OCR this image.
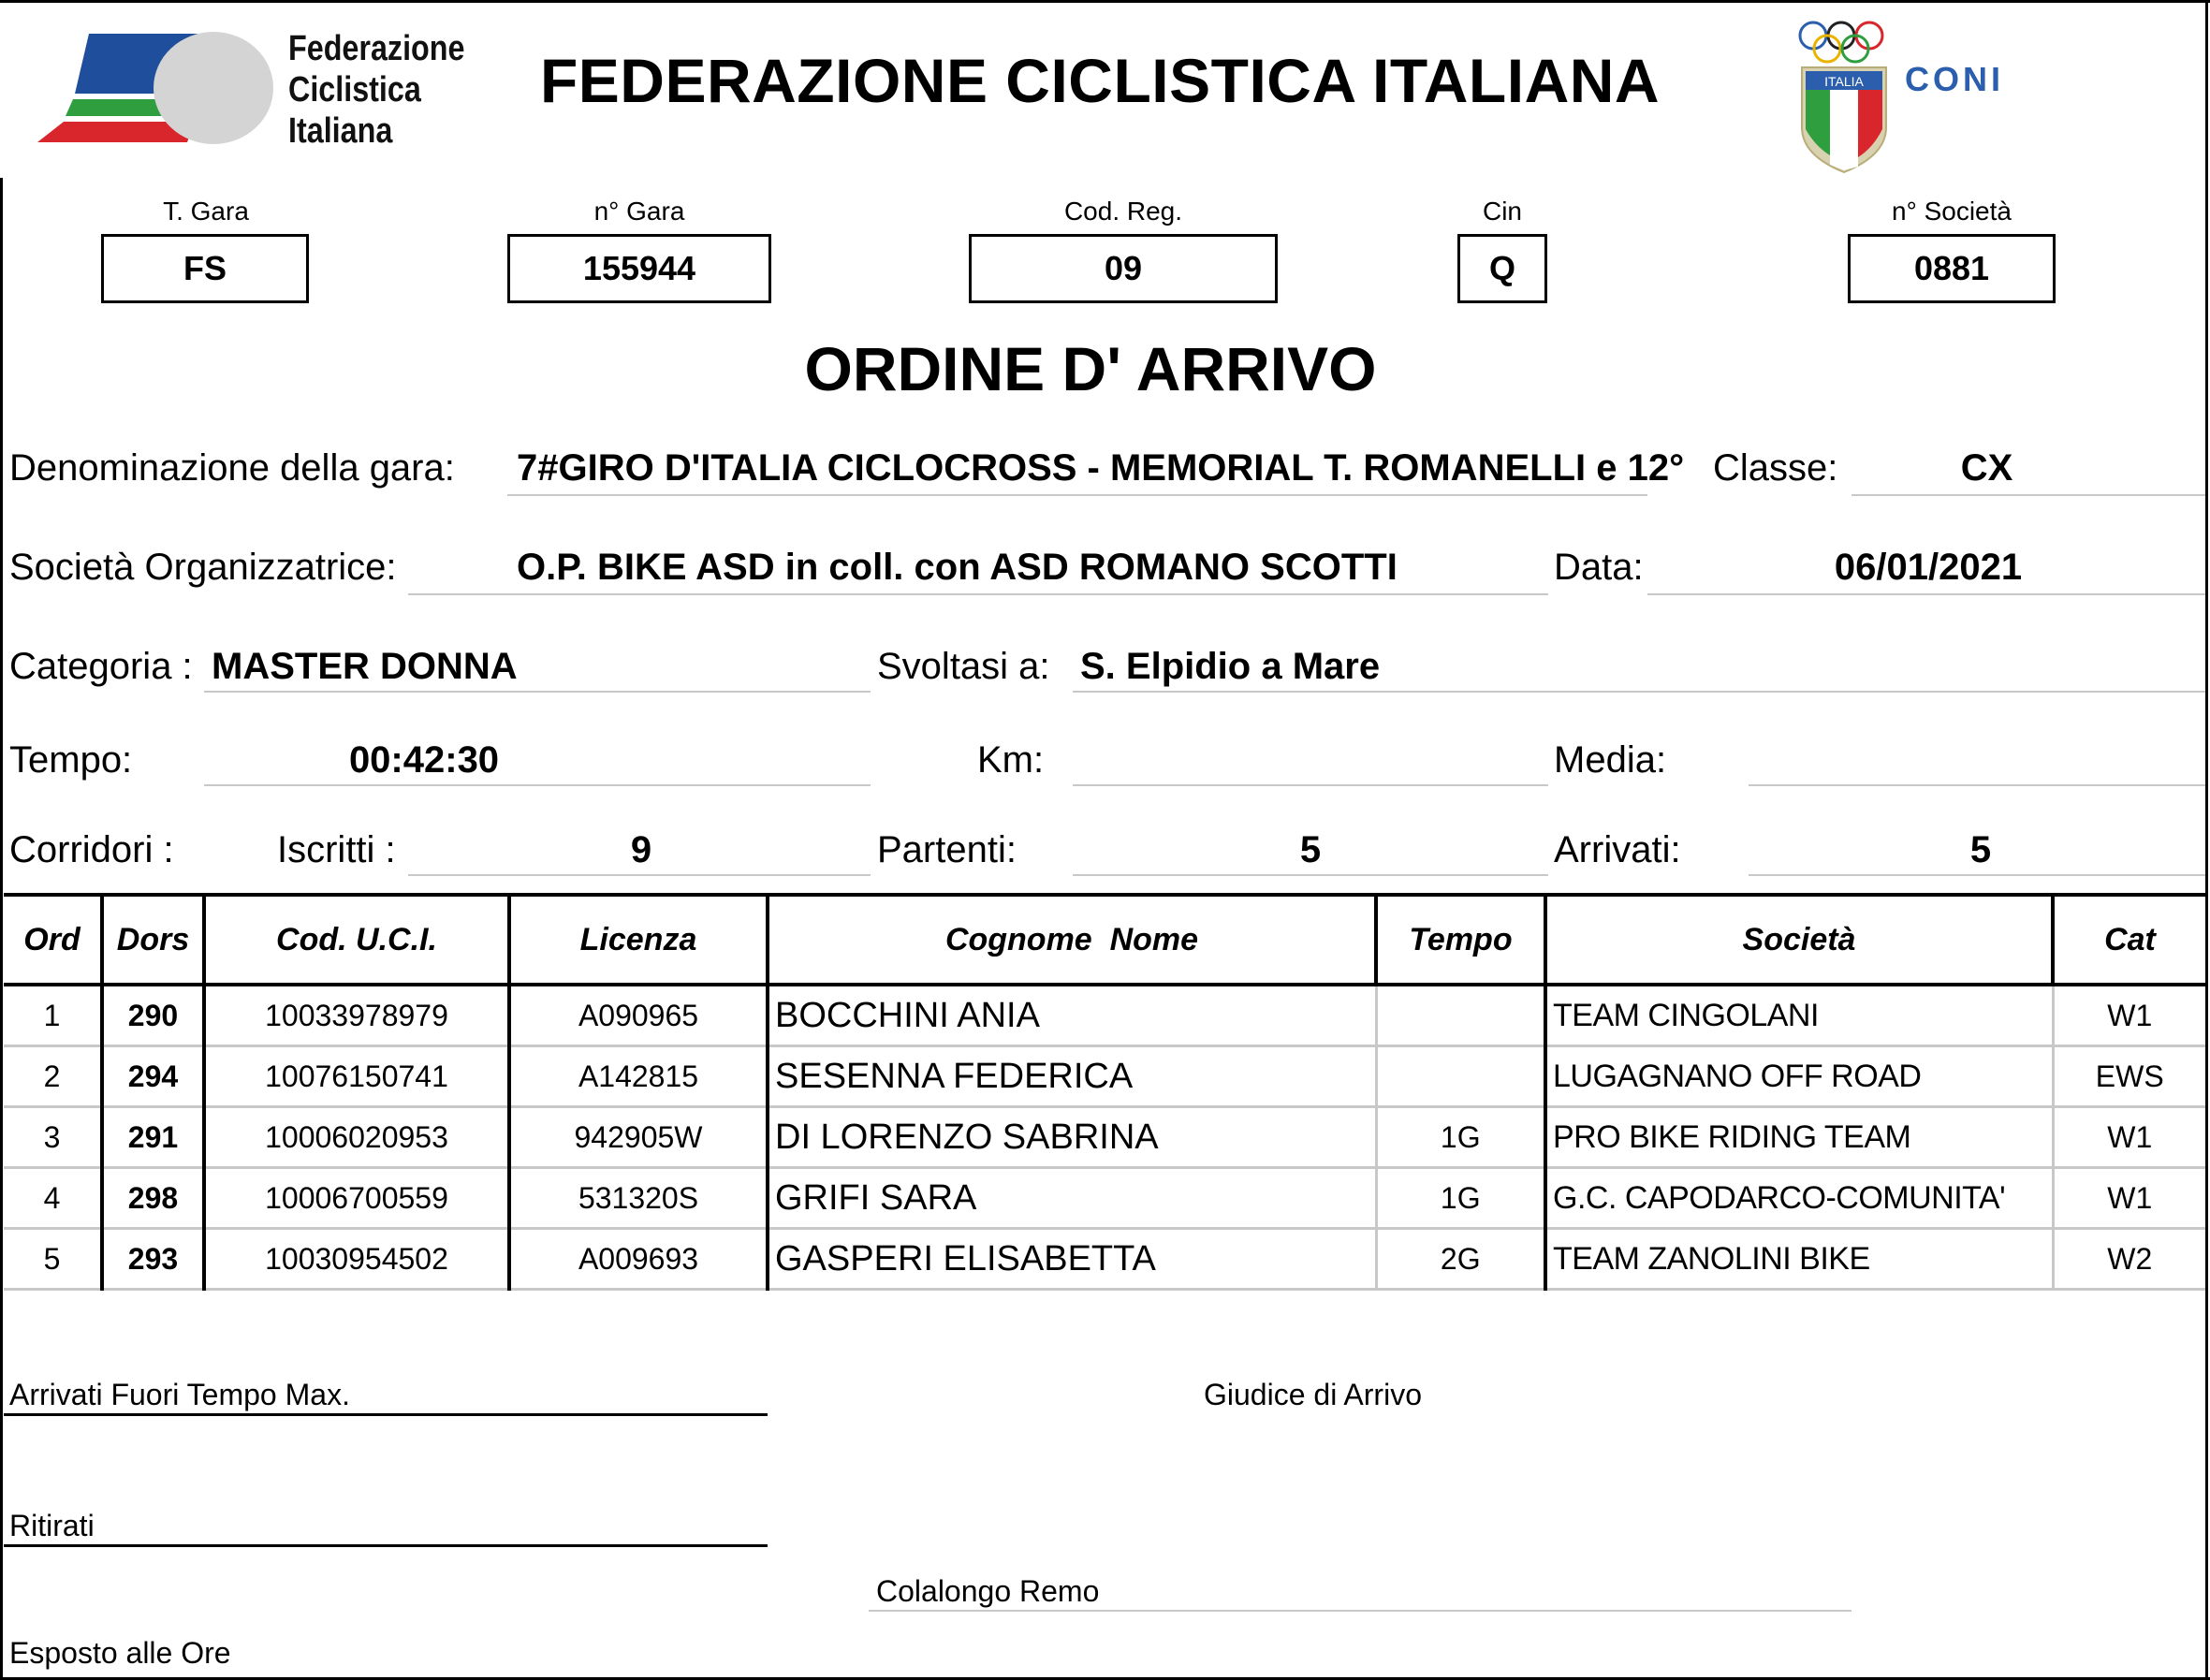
Federazione
Ciclistica
Italiana
FEDERAZIONE CICLISTICA ITALIANA	ITALIA CONI
T. Gara
FS
n° Gara
155944
Cod. Reg.
09
Cin
Q
n° Società
0881
ORDINE D' ARRIVO
Denominazione della gara: 7#GIRO D'ITALIA CICLOCROSS - MEMORIAL T. ROMANELLI e 12° Classe:	CX
Società Organizzatrice:	O.P. BIKE ASD in coll. con ASD ROMANO SCOTTI	Data:	06/01/2021
Categoria : MASTER DONNA	Svoltasi a: S. Elpidio a Mare
Tempo:	00:42:30	Km:	Media:
Corridori :	Iscritti :	9	Partenti:	5	Arrivati:	5
Ord	Dors	Cod. U.C.I.	Licenza	Cognome  Nome	Tempo	Società	Cat
1	290	10033978979	A090965	BOCCHINI ANIA		TEAM CINGOLANI	W1
2	294	10076150741	A142815	SESENNA FEDERICA		LUGAGNANO OFF ROAD	EWS
3	291	10006020953	942905W	DI LORENZO SABRINA	1G	PRO BIKE RIDING TEAM	W1
4	298	10006700559	531320S	GRIFI SARA	1G	G.C. CAPODARCO-COMUNITA'	W1
5	293	10030954502	A009693	GASPERI ELISABETTA	2G	TEAM ZANOLINI BIKE	W2
Arrivati Fuori Tempo Max.	Giudice di Arrivo
Ritirati
Colalongo Remo
Esposto alle Ore
